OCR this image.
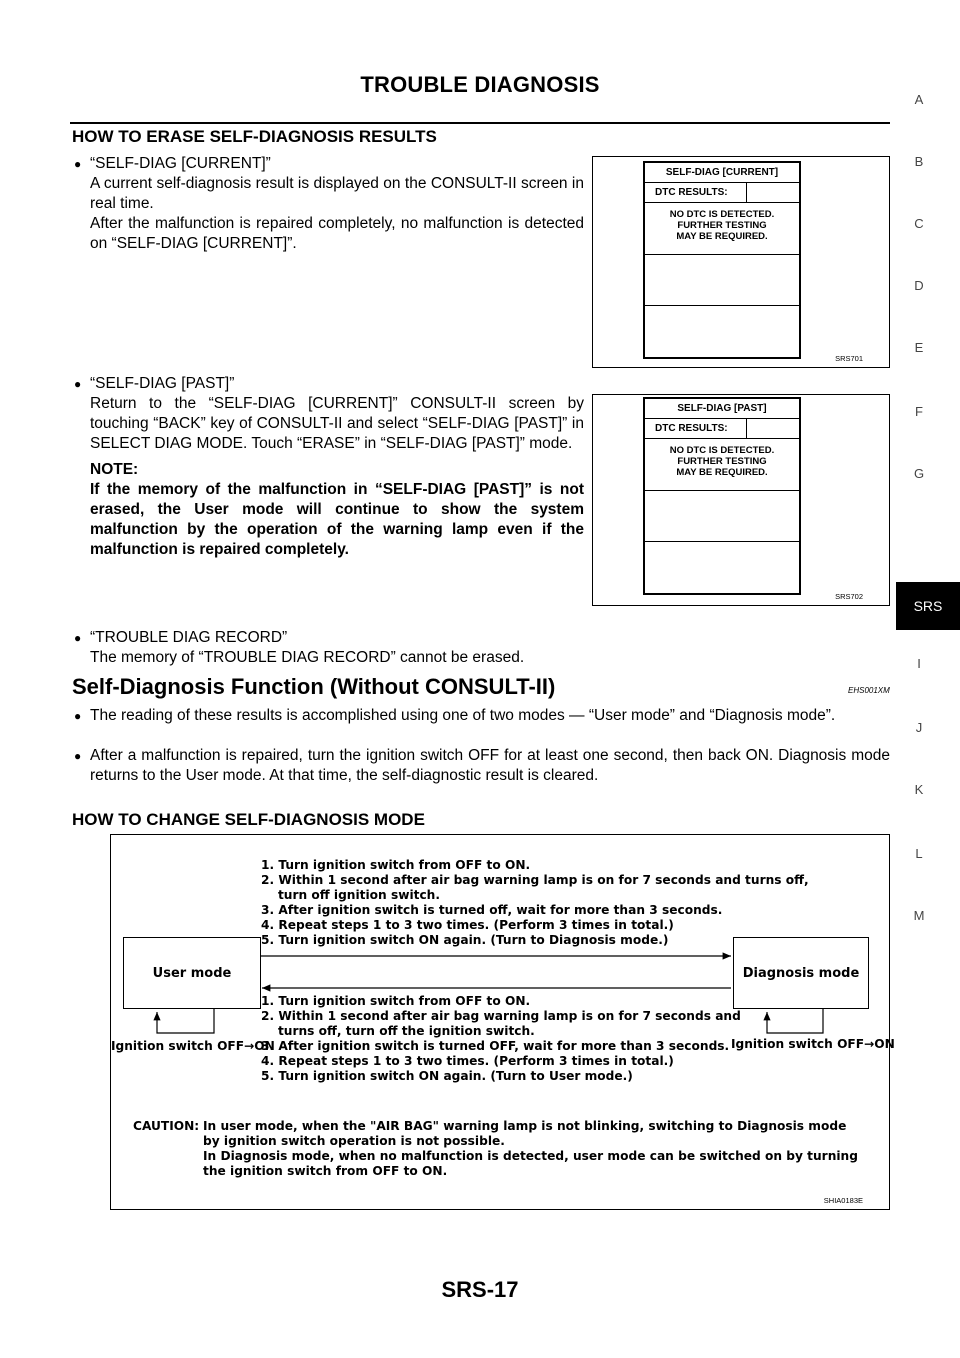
TROUBLE DIAGNOSIS
A
B
C
D
E
F
G
SRS
I
J
K
L
M
HOW TO ERASE SELF-DIAGNOSIS RESULTS
● “SELF-DIAG [CURRENT]”
A current self-diagnosis result is displayed on the CONSULT-II screen in real time.
After the malfunction is repaired completely, no malfunction is detected on “SELF-DIAG [CURRENT]”.
SELF-DIAG [CURRENT]
DTC RESULTS:
NO DTC IS DETECTED.
FURTHER TESTING
MAY BE REQUIRED.
SRS701
● “SELF-DIAG [PAST]”
Return to the “SELF-DIAG [CURRENT]” CONSULT-II screen by touching “BACK” key of CONSULT-II and select “SELF-DIAG [PAST]” in SELECT DIAG MODE. Touch “ERASE” in “SELF-DIAG [PAST]” mode.
NOTE:
If the memory of the malfunction in “SELF-DIAG [PAST]” is not erased, the User mode will continue to show the system malfunction by the operation of the warning lamp even if the malfunction is repaired completely.
SELF-DIAG [PAST]
DTC RESULTS:
NO DTC IS DETECTED.
FURTHER TESTING
MAY BE REQUIRED.
SRS702
● “TROUBLE DIAG RECORD”
The memory of “TROUBLE DIAG RECORD” cannot be erased.
Self-Diagnosis Function (Without CONSULT-II)	EHS001XM
● The reading of these results is accomplished using one of two modes — “User mode” and “Diagnosis mode”.
● After a malfunction is repaired, turn the ignition switch OFF for at least one second, then back ON. Diagnosis mode returns to the User mode. At that time, the self-diagnostic result is cleared.
HOW TO CHANGE SELF-DIAGNOSIS MODE
1. Turn ignition switch from OFF to ON.
2. Within 1 second after air bag warning lamp is on for 7 seconds and turns off,
turn off ignition switch.
3. After ignition switch is turned off, wait for more than 3 seconds.
4. Repeat steps 1 to 3 two times. (Perform 3 times in total.)
5. Turn ignition switch ON again. (Turn to Diagnosis mode.)
User mode	Diagnosis mode
Ignition switch OFF→ON	Ignition switch OFF→ON
1. Turn ignition switch from OFF to ON.
2. Within 1 second after air bag warning lamp is on for 7 seconds and
turns off, turn off the ignition switch.
3. After ignition switch is turned OFF, wait for more than 3 seconds.
4. Repeat steps 1 to 3 two times. (Perform 3 times in total.)
5. Turn ignition switch ON again. (Turn to User mode.)
CAUTION: In user mode, when the "AIR BAG" warning lamp is not blinking, switching to Diagnosis mode
by ignition switch operation is not possible.
In Diagnosis mode, when no malfunction is detected, user mode can be switched on by turning
the ignition switch from OFF to ON.
SHIA0183E
SRS-17
